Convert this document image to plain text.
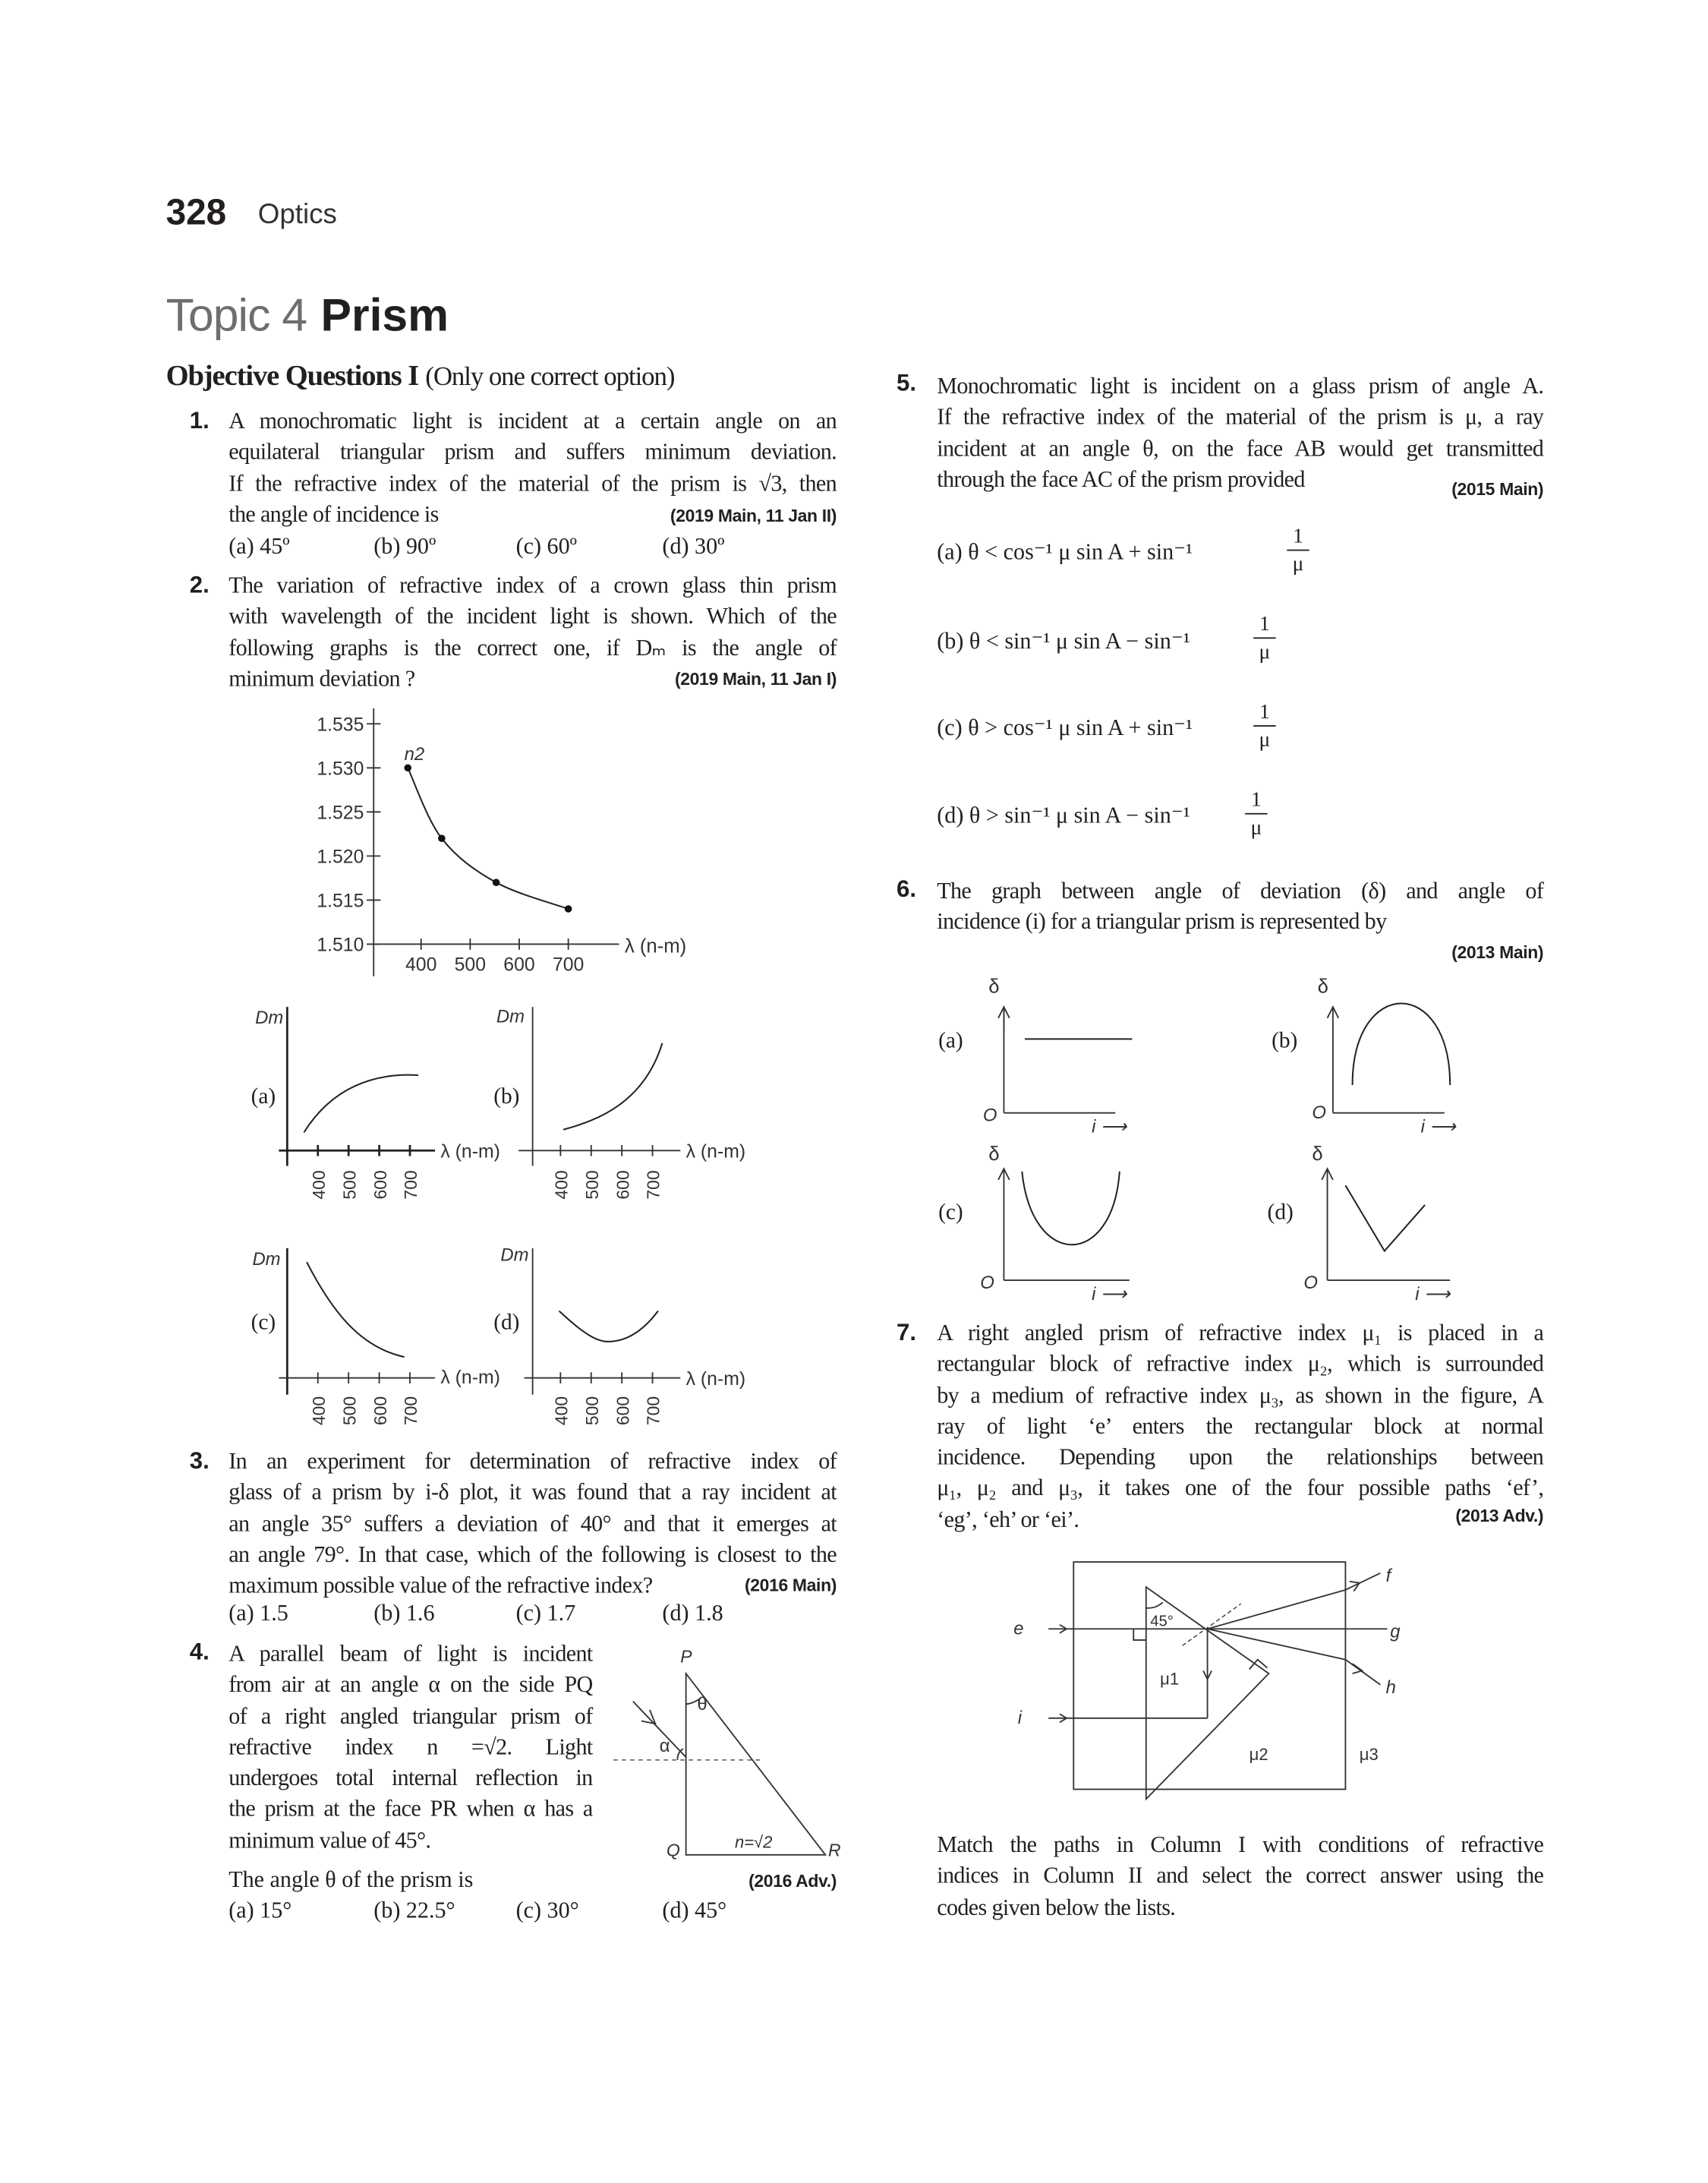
328 Optics
Topic 4 Prism
Objective Questions I (Only one correct option)
1. A monochromatic light is incident at a certain angle on an
equilateral triangular prism and suffers minimum deviation.
If the refractive index of the material of the prism is √3, then
the angle of incidence is	(2019 Main, 11 Jan II)
(a) 45º	(b) 90º	(c) 60º	(d) 30º
2. The variation of refractive index of a crown glass thin prism
with wavelength of the incident light is shown. Which of the
following graphs is the correct one, if Dₘ is the angle of
minimum deviation ?	(2019 Main, 11 Jan I)
3. In an experiment for determination of refractive index of
glass of a prism by i-δ plot, it was found that a ray incident at
an angle 35° suffers a deviation of 40° and that it emerges at
an angle 79°. In that case, which of the following is closest to the
maximum possible value of the refractive index?	(2016 Main)
(a) 1.5	(b) 1.6	(c) 1.7	(d) 1.8
4. A parallel beam of light is incident
from air at an angle α on the side PQ
of a right angled triangular prism of
refractive index n =√2. Light
undergoes total internal reflection in
the prism at the face PR when α has a
minimum value of 45°.
The angle θ of the prism is	(2016 Adv.)
(a) 15°	(b) 22.5°	(c) 30°	(d) 45°
5. Monochromatic light is incident on a glass prism of angle A.
If the refractive index of the material of the prism is μ, a ray
incident at an angle θ, on the face AB would get transmitted
through the face AC of the prism provided	(2015 Main)
(a) θ < cos⁻¹ μ sin A + sin⁻¹	$\frac{1}{\mu}$
(b) θ < sin⁻¹ μ sin A − sin⁻¹	$\frac{1}{\mu}$
(c) θ > cos⁻¹ μ sin A + sin⁻¹	$\frac{1}{\mu}$
(d) θ > sin⁻¹ μ sin A − sin⁻¹	$\frac{1}{\mu}$
6. The graph between angle of deviation (δ) and angle of
incidence (i) for a triangular prism is represented by
(2013 Main)
7. A right angled prism of refractive index μ₁ is placed in a
rectangular block of refractive index μ₂, which is surrounded
by a medium of refractive index μ₃, as shown in the figure, A
ray of light ‘e’ enters the rectangular block at normal
incidence. Depending upon the relationships between
μ₁, μ₂ and μ₃, it takes one of the four possible paths ‘ef’,
‘eg’, ‘eh’ or ‘ei’.	(2013 Adv.)
Match the paths in Column I with conditions of refractive
indices in Column II and select the correct answer using the
codes given below the lists.
λ (n-m)
n2
1.535
1.530
1.525
1.520
1.515
1.510
400 500 600 700
Dm
(a)
λ (n-m)
400 500 600 700
Dm
(b)
λ (n-m)
400 500 600 700
Dm
(c)
λ (n-m)
400 500 600 700
Dm
(d)
λ (n-m)
400 500 600 700
P
Q	R
θ
α
n=√2
δ
O
i ⟶
(a)
δ
O
i ⟶
(b)
δ
O
i ⟶
(c)
δ
O
i ⟶
(d)
e
i
f
g
h
45°
μ1
μ2	μ3
